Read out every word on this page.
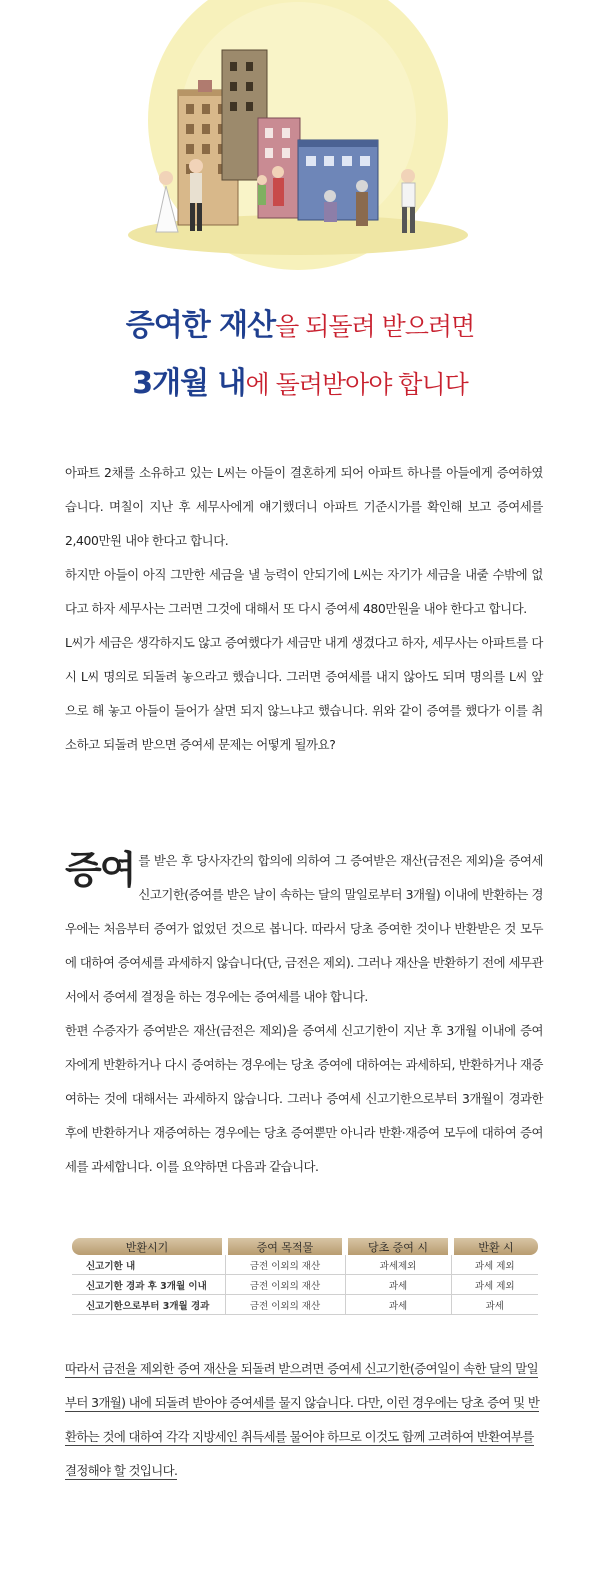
증여한 재산을 되돌려 받으려면
3개월 내에 돌려받아야 합니다

아파트 2채를 소유하고 있는 L씨는 아들이 결혼하게 되어 아파트 하나를 아들에게 증여하였습니다. 며칠이 지난 후 세무사에게 얘기했더니 아파트 기준시가를 확인해 보고 증여세를 2,400만원 내야 한다고 합니다.

하지만 아들이 아직 그만한 세금을 낼 능력이 안되기에 L씨는 자기가 세금을 내줄 수밖에 없다고 하자 세무사는 그러면 그것에 대해서 또 다시 증여세 480만원을 내야 한다고 합니다.

L씨가 세금은 생각하지도 않고 증여했다가 세금만 내게 생겼다고 하자, 세무사는 아파트를 다시 L씨 명의로 되돌려 놓으라고 했습니다. 그러면 증여세를 내지 않아도 되며 명의를 L씨 앞으로 해 놓고 아들이 들어가 살면 되지 않느냐고 했습니다. 위와 같이 증여를 했다가 이를 취소하고 되돌려 받으면 증여세 문제는 어떻게 될까요?

증여 를 받은 후 당사자간의 합의에 의하여 그 증여받은 재산(금전은 제외)을 증여세 신고기한(증여를 받은 날이 속하는 달의 말일로부터 3개월) 이내에 반환하는 경우에는 처음부터 증여가 없었던 것으로 봅니다. 따라서 당초 증여한 것이나 반환받은 것 모두에 대하여 증여세를 과세하지 않습니다(단, 금전은 제외). 그러나 재산을 반환하기 전에 세무관서에서 증여세 결정을 하는 경우에는 증여세를 내야 합니다.

한편 수증자가 증여받은 재산(금전은 제외)을 증여세 신고기한이 지난 후 3개월 이내에 증여자에게 반환하거나 다시 증여하는 경우에는 당초 증여에 대하여는 과세하되, 반환하거나 재증여하는 것에 대해서는 과세하지 않습니다. 그러나 증여세 신고기한으로부터 3개월이 경과한 후에 반환하거나 재증여하는 경우에는 당초 증여뿐만 아니라 반환·재증여 모두에 대하여 증여세를 과세합니다. 이를 요약하면 다음과 같습니다.

반환시기	증여 목적물	당초 증여 시	반환 시
신고기한 내	금전 이외의 재산	과세제외	과세 제외
신고기한 경과 후 3개월 이내	금전 이외의 재산	과세	과세 제외
신고기한으로부터 3개월 경과	금전 이외의 재산	과세	과세

따라서 금전을 제외한 증여 재산을 되돌려 받으려면 증여세 신고기한(증여일이 속한 달의 말일부터 3개월) 내에 되돌려 받아야 증여세를 물지 않습니다. 다만, 이런 경우에는 당초 증여 및 반환하는 것에 대하여 각각 지방세인 취득세를 물어야 하므로 이것도 함께 고려하여 반환여부를 결정해야 할 것입니다.
